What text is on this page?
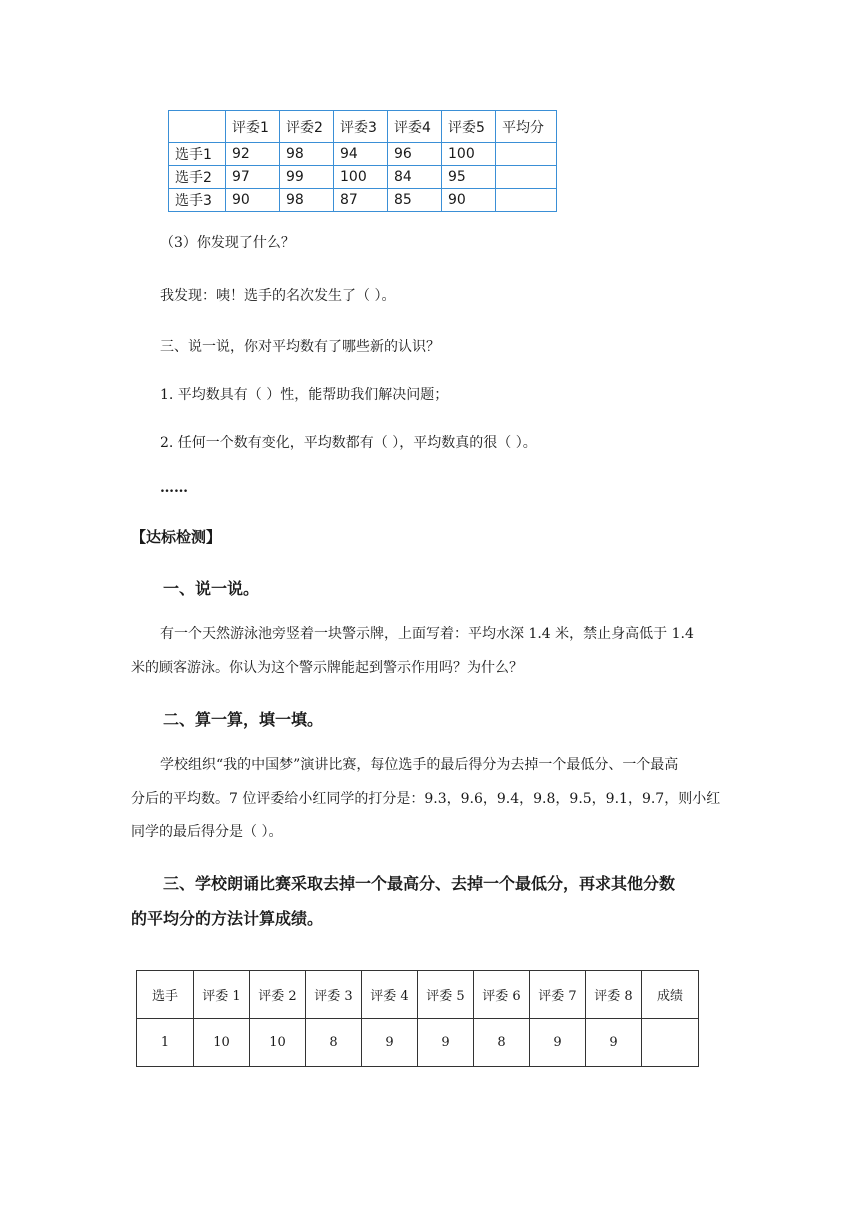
	评委1	评委2	评委3	评委4	评委5	平均分
选手1	92	98	94	96	100	
选手2	97	99	100	84	95	
选手3	90	98	87	85	90	
（3）你发现了什么？
我发现：咦！选手的名次发生了（ ）。
三、说一说，你对平均数有了哪些新的认识？
1. 平均数具有（ ）性，能帮助我们解决问题；
2. 任何一个数有变化，平均数都有（ ），平均数真的很（ ）。
……
【达标检测】
一、说一说。
有一个天然游泳池旁竖着一块警示牌，上面写着：平均水深 1.4 米，禁止身高低于 1.4
米的顾客游泳。你认为这个警示牌能起到警示作用吗？为什么？
二、算一算，填一填。
学校组织“我的中国梦”演讲比赛，每位选手的最后得分为去掉一个最低分、一个最高
分后的平均数。7 位评委给小红同学的打分是：9.3，9.6，9.4，9.8，9.5，9.1，9.7，则小红
同学的最后得分是（ ）。
三、学校朗诵比赛采取去掉一个最高分、去掉一个最低分，再求其他分数
的平均分的方法计算成绩。
选手	评委 1	评委 2	评委 3	评委 4	评委 5	评委 6	评委 7	评委 8	成绩
1	10	10	8	9	9	8	9	9	
